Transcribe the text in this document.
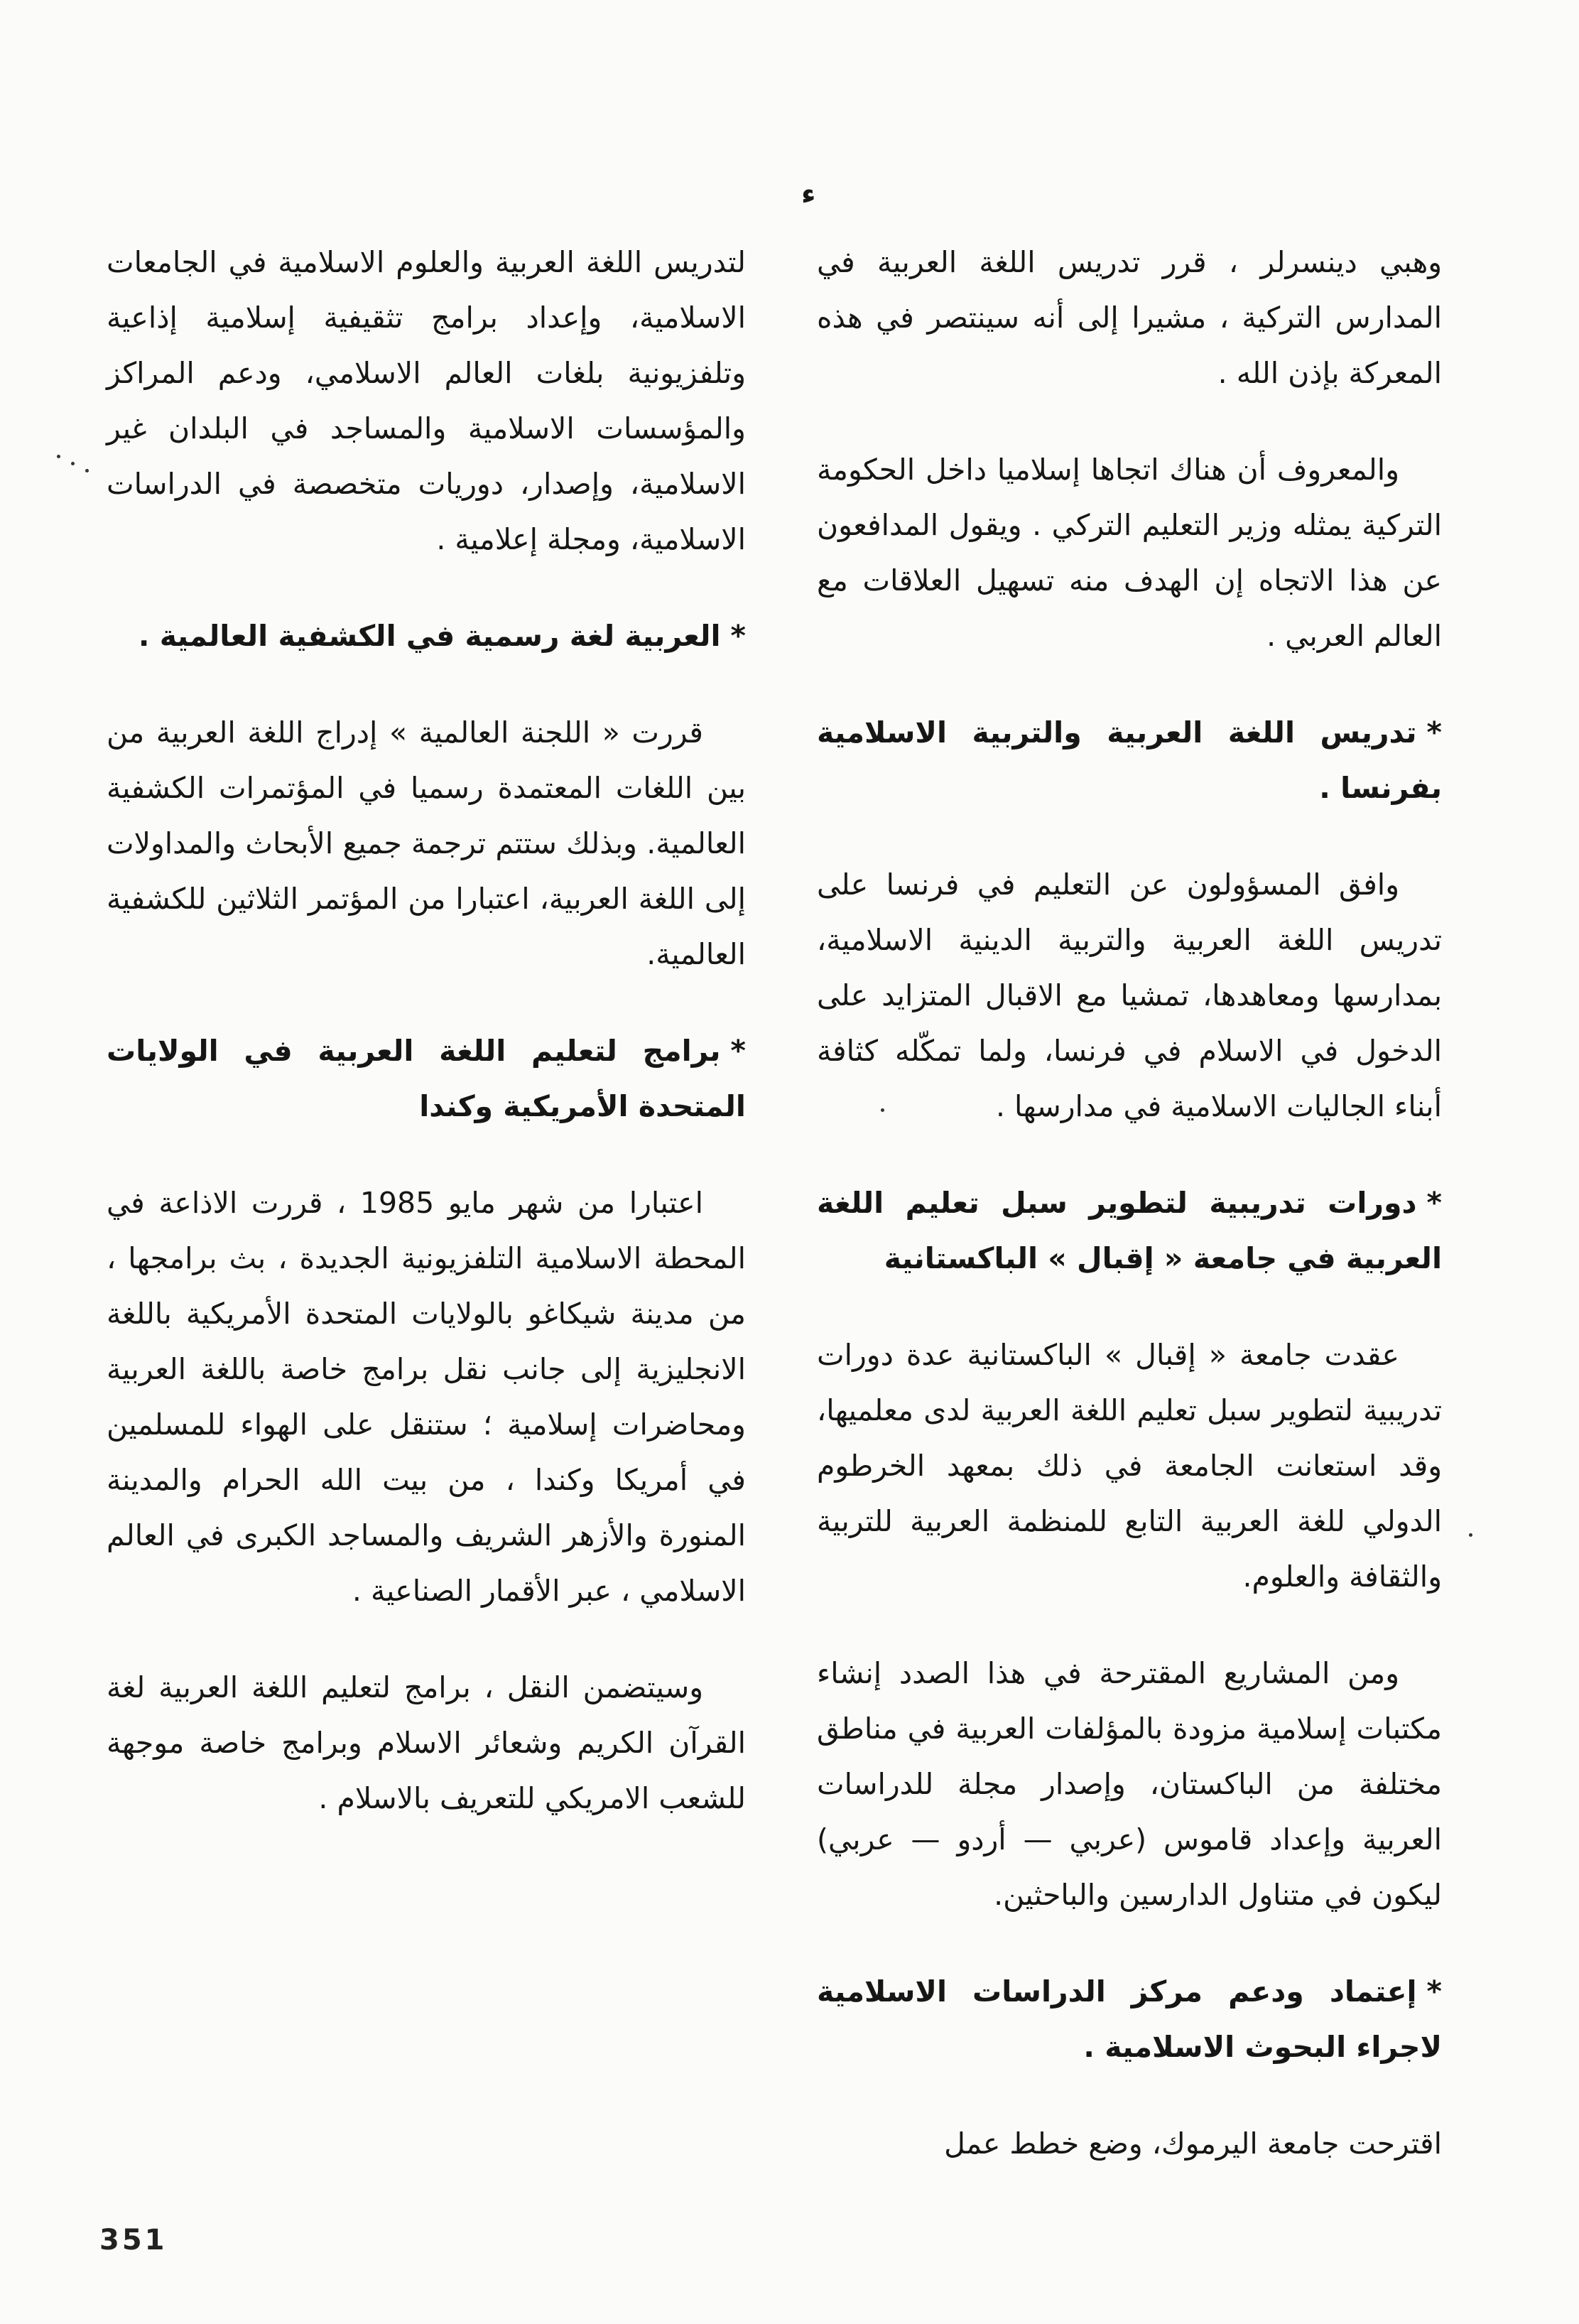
ء

وهبي دينسرلر ، قرر تدريس اللغة العربية في المدارس التركية ، مشيرا إلى أنه سينتصر في هذه المعركة بإذن الله .

والمعروف أن هناك اتجاها إسلاميا داخل الحكومة التركية يمثله وزير التعليم التركي . ويقول المدافعون عن هذا الاتجاه إن الهدف منه تسهيل العلاقات مع العالم العربي .

*تدريس اللغة العربية والتربية الاسلامية بفرنسا .

وافق المسؤولون عن التعليم في فرنسا على تدريس اللغة العربية والتربية الدينية الاسلامية، بمدارسها ومعاهدها، تمشيا مع الاقبال المتزايد على الدخول في الاسلام في فرنسا، ولما تمكّله كثافة أبناء الجاليات الاسلامية في مدارسها .

*دورات تدريبية لتطوير سبل تعليم اللغة العربية في جامعة « إقبال » الباكستانية

عقدت جامعة « إقبال » الباكستانية عدة دورات تدريبية لتطوير سبل تعليم اللغة العربية لدى معلميها، وقد استعانت الجامعة في ذلك بمعهد الخرطوم الدولي للغة العربية التابع للمنظمة العربية للتربية والثقافة والعلوم.

ومن المشاريع المقترحة في هذا الصدد إنشاء مكتبات إسلامية مزودة بالمؤلفات العربية في مناطق مختلفة من الباكستان، وإصدار مجلة للدراسات العربية وإعداد قاموس (عربي — أردو — عربي) ليكون في متناول الدارسين والباحثين.

*إعتماد ودعم مركز الدراسات الاسلامية لاجراء البحوث الاسلامية .

اقترحت جامعة اليرموك، وضع خطط عمل

لتدريس اللغة العربية والعلوم الاسلامية في الجامعات الاسلامية، وإعداد برامج تثقيفية إسلامية إذاعية وتلفزيونية بلغات العالم الاسلامي، ودعم المراكز والمؤسسات الاسلامية والمساجد في البلدان غير الاسلامية، وإصدار، دوريات متخصصة في الدراسات الاسلامية، ومجلة إعلامية .

*العربية لغة رسمية في الكشفية العالمية .

قررت « اللجنة العالمية » إدراج اللغة العربية من بين اللغات المعتمدة رسميا في المؤتمرات الكشفية العالمية. وبذلك ستتم ترجمة جميع الأبحاث والمداولات إلى اللغة العربية، اعتبارا من المؤتمر الثلاثين للكشفية العالمية.

*برامج لتعليم اللغة العربية في الولايات المتحدة الأمريكية وكندا

اعتبارا من شهر مايو 1985 ، قررت الاذاعة في المحطة الاسلامية التلفزيونية الجديدة ، بث برامجها ، من مدينة شيكاغو بالولايات المتحدة الأمريكية باللغة الانجليزية إلى جانب نقل برامج خاصة باللغة العربية ومحاضرات إسلامية ؛ ستنقل على الهواء للمسلمين في أمريكا وكندا ، من بيت الله الحرام والمدينة المنورة والأزهر الشريف والمساجد الكبرى في العالم الاسلامي ، عبر الأقمار الصناعية .

وسيتضمن النقل ، برامج لتعليم اللغة العربية لغة القرآن الكريم وشعائر الاسلام وبرامج خاصة موجهة للشعب الامريكي للتعريف بالاسلام .

351
